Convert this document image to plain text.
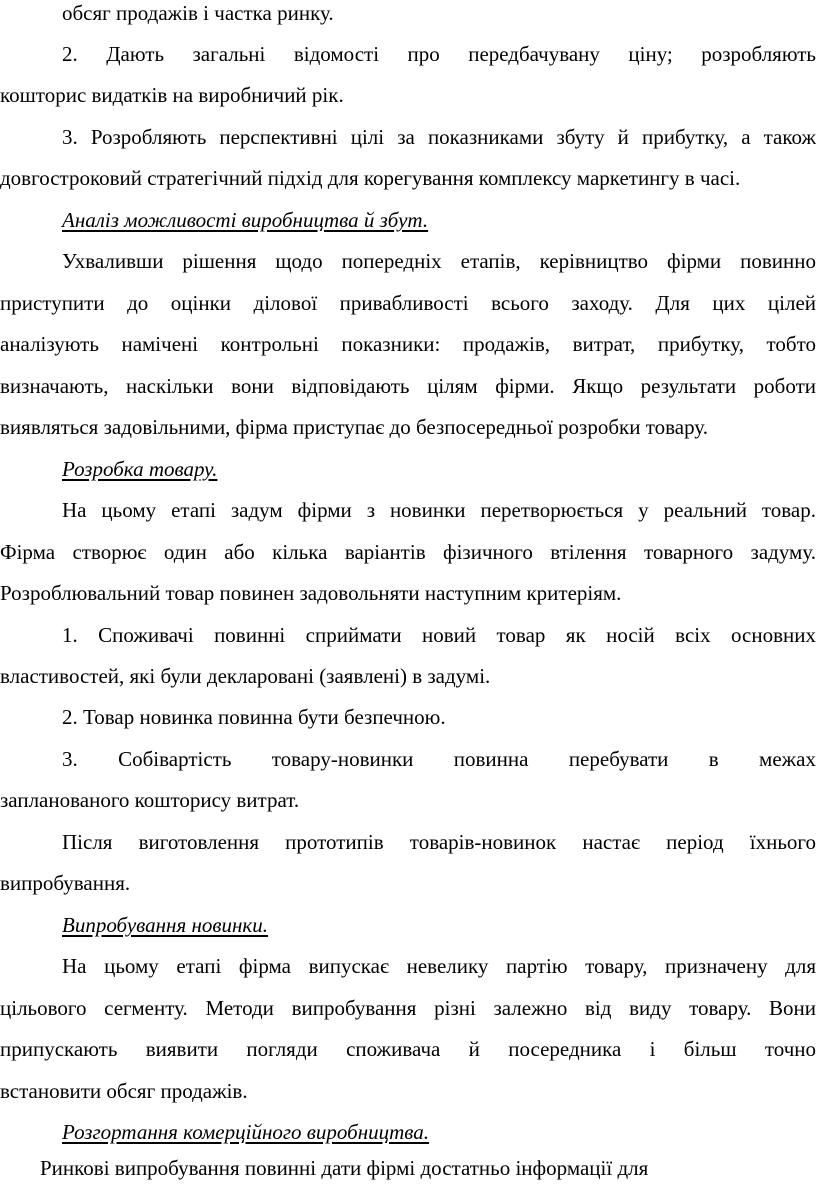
обсяг продажів і частка ринку.
2. Дають загальні відомості про передбачувану ціну; розробляють
кошторис видатків на виробничий рік.
3. Розробляють перспективні цілі за показниками збуту й прибутку, а також
довгостроковий стратегічний підхід для корегування комплексу маркетингу в часі.
Аналіз можливості виробництва й збут.
Ухваливши рішення щодо попередніх етапів, керівництво фірми повинно
приступити до оцінки ділової привабливості всього заходу. Для цих цілей
аналізують намічені контрольні показники: продажів, витрат, прибутку, тобто
визначають, наскільки вони відповідають цілям фірми. Якщо результати роботи
виявляться задовільними, фірма приступає до безпосередньої розробки товару.
Розробка товару.
На цьому етапі задум фірми з новинки перетворюється у реальний товар.
Фірма створює один або кілька варіантів фізичного втілення товарного задуму.
Розроблювальний товар повинен задовольняти наступним критеріям.
1. Споживачі повинні сприймати новий товар як носій всіх основних
властивостей, які були декларовані (заявлені) в задумі.
2. Товар новинка повинна бути безпечною.
3. Собівартість товару-новинки повинна перебувати в межах
запланованого кошторису витрат.
Після виготовлення прототипів товарів-новинок настає період їхнього
випробування.
Випробування новинки.
На цьому етапі фірма випускає невелику партію товару, призначену для
цільового сегменту. Методи випробування різні залежно від виду товару. Вони
припускають виявити погляди споживача й посередника і більш точно
встановити обсяг продажів.
Розгортання комерційного виробництва.
Ринкові випробування повинні дати фірмі достатньо інформації для
